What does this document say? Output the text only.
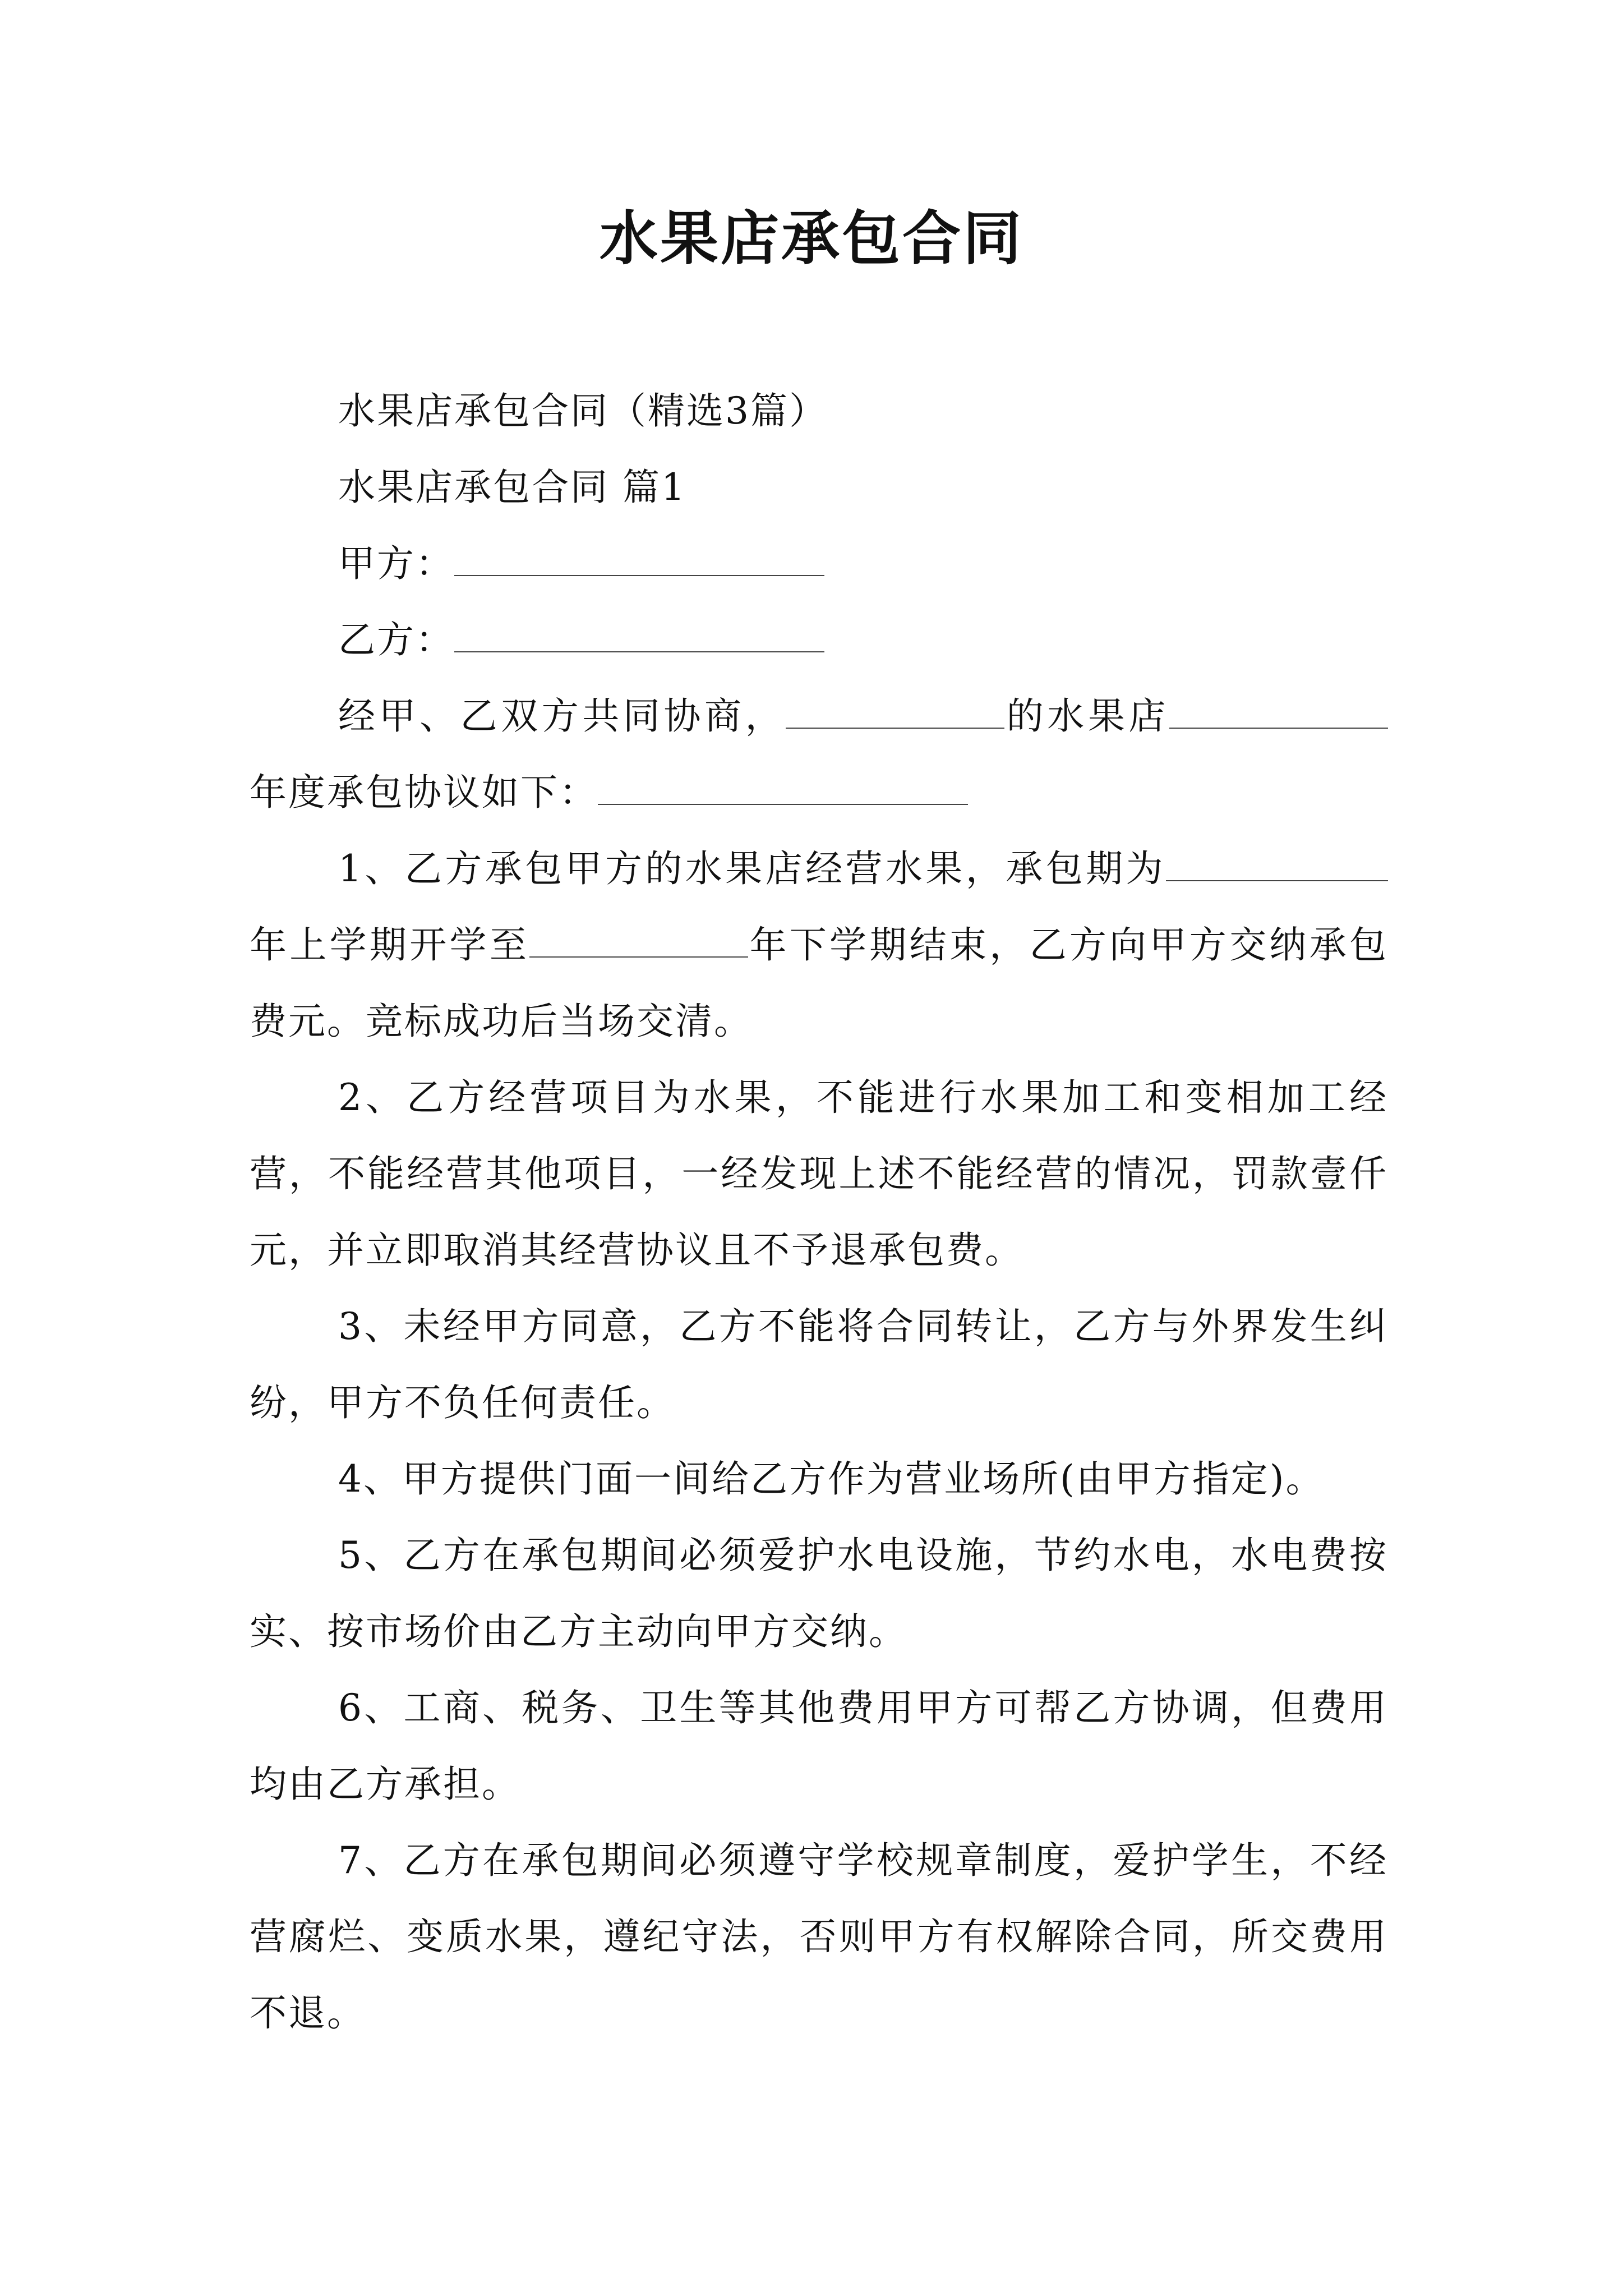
水果店承包合同

水果店承包合同（精选3篇）

水果店承包合同 篇1

甲方：

乙方：

经甲、乙双方共同协商，	的水果店年度承包协议如下：

1、乙方承包甲方的水果店经营水果，承包期为年上学期开学至	年下学期结束，乙方向甲方交纳承包费元。竞标成功后当场交清。

2、乙方经营项目为水果，不能进行水果加工和变相加工经营，不能经营其他项目，一经发现上述不能经营的情况，罚款壹仟元，并立即取消其经营协议且不予退承包费。

3、未经甲方同意，乙方不能将合同转让，乙方与外界发生纠纷，甲方不负任何责任。

4、甲方提供门面一间给乙方作为营业场所(由甲方指定)。

5、乙方在承包期间必须爱护水电设施，节约水电，水电费按实、按市场价由乙方主动向甲方交纳。

6、工商、税务、卫生等其他费用甲方可帮乙方协调，但费用均由乙方承担。

7、乙方在承包期间必须遵守学校规章制度，爱护学生，不经营腐烂、变质水果，遵纪守法，否则甲方有权解除合同，所交费用不退。
